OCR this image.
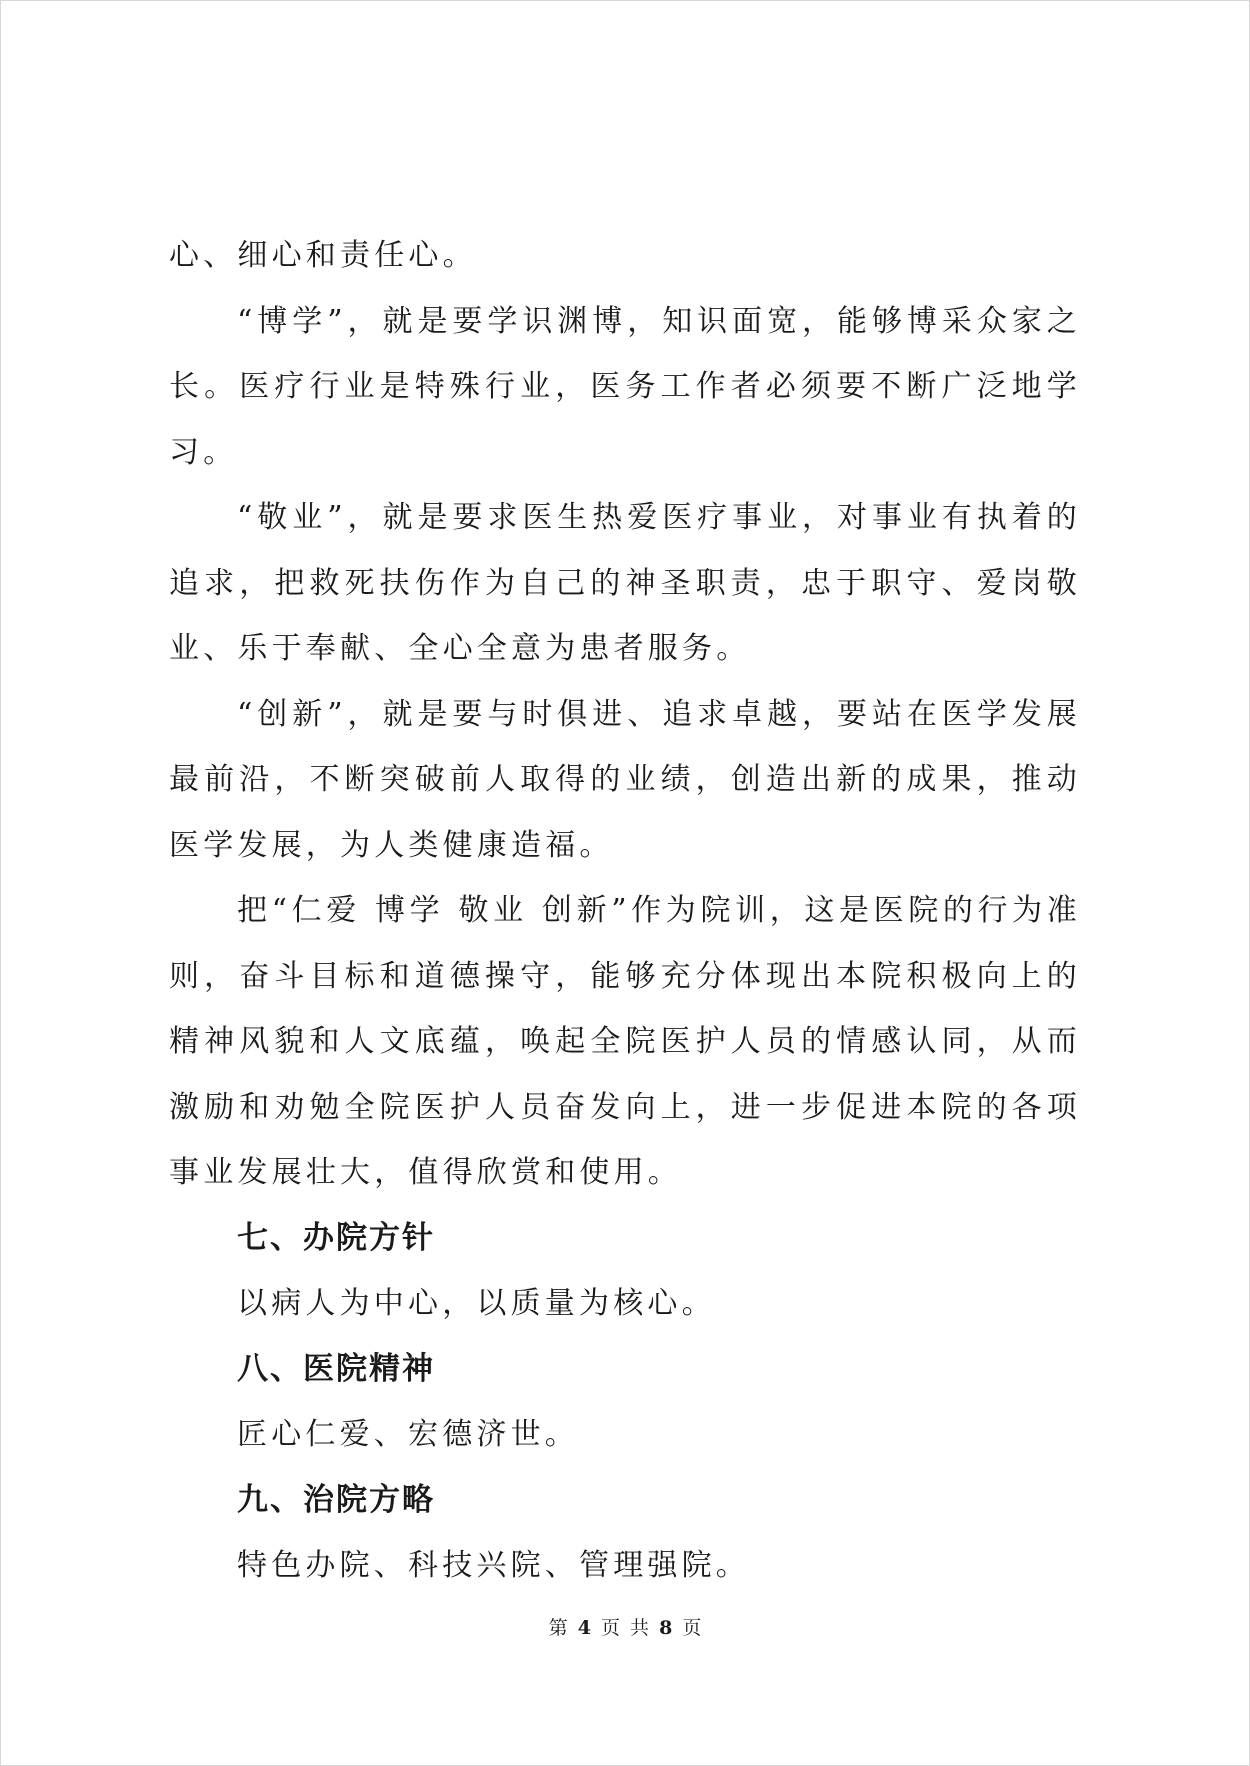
心、细心和责任心。

“博学”，就是要学识渊博，知识面宽，能够博采众家之长。医疗行业是特殊行业，医务工作者必须要不断广泛地学习。

“敬业”，就是要求医生热爱医疗事业，对事业有执着的追求，把救死扶伤作为自己的神圣职责，忠于职守、爱岗敬业、乐于奉献、全心全意为患者服务。

“创新”，就是要与时俱进、追求卓越，要站在医学发展最前沿，不断突破前人取得的业绩，创造出新的成果，推动医学发展，为人类健康造福。

把“仁爱 博学 敬业 创新”作为院训，这是医院的行为准则，奋斗目标和道德操守，能够充分体现出本院积极向上的精神风貌和人文底蕴，唤起全院医护人员的情感认同，从而激励和劝勉全院医护人员奋发向上，进一步促进本院的各项事业发展壮大，值得欣赏和使用。

七、办院方针

以病人为中心，以质量为核心。

八、医院精神

匠心仁爱、宏德济世。

九、治院方略

特色办院、科技兴院、管理强院。

第 4 页 共 8 页
